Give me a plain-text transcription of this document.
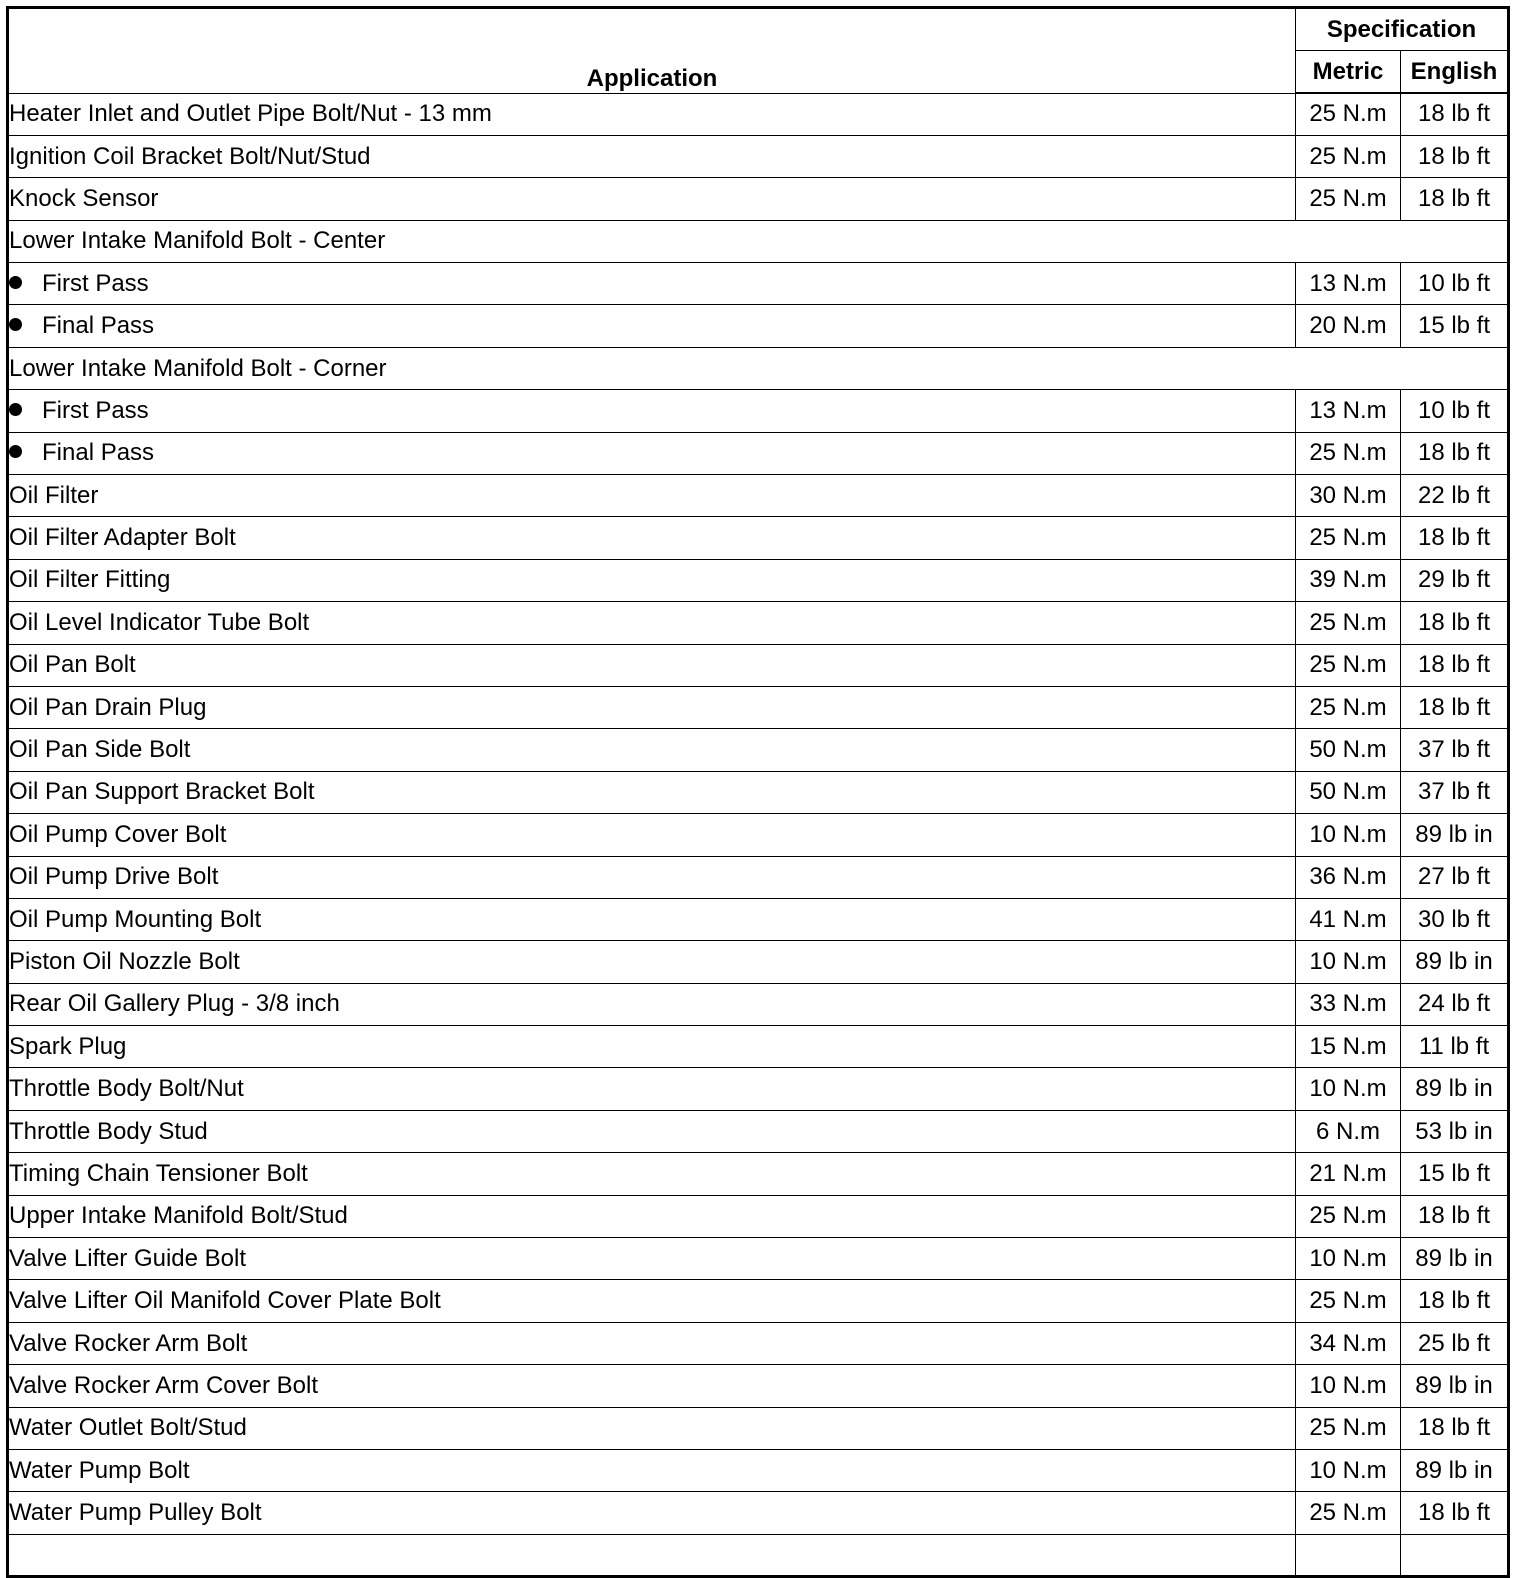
Application	Specification	
	Metric	English
Heater Inlet and Outlet Pipe Bolt/Nut - 13 mm	25 N.m	18 lb ft
Ignition Coil Bracket Bolt/Nut/Stud	25 N.m	18 lb ft
Knock Sensor	25 N.m	18 lb ft
Lower Intake Manifold Bolt - Center		
First Pass	13 N.m	10 lb ft
Final Pass	20 N.m	15 lb ft
Lower Intake Manifold Bolt - Corner		
First Pass	13 N.m	10 lb ft
Final Pass	25 N.m	18 lb ft
Oil Filter	30 N.m	22 lb ft
Oil Filter Adapter Bolt	25 N.m	18 lb ft
Oil Filter Fitting	39 N.m	29 lb ft
Oil Level Indicator Tube Bolt	25 N.m	18 lb ft
Oil Pan Bolt	25 N.m	18 lb ft
Oil Pan Drain Plug	25 N.m	18 lb ft
Oil Pan Side Bolt	50 N.m	37 lb ft
Oil Pan Support Bracket Bolt	50 N.m	37 lb ft
Oil Pump Cover Bolt	10 N.m	89 lb in
Oil Pump Drive Bolt	36 N.m	27 lb ft
Oil Pump Mounting Bolt	41 N.m	30 lb ft
Piston Oil Nozzle Bolt	10 N.m	89 lb in
Rear Oil Gallery Plug - 3/8 inch	33 N.m	24 lb ft
Spark Plug	15 N.m	11 lb ft
Throttle Body Bolt/Nut	10 N.m	89 lb in
Throttle Body Stud	6 N.m	53 lb in
Timing Chain Tensioner Bolt	21 N.m	15 lb ft
Upper Intake Manifold Bolt/Stud	25 N.m	18 lb ft
Valve Lifter Guide Bolt	10 N.m	89 lb in
Valve Lifter Oil Manifold Cover Plate Bolt	25 N.m	18 lb ft
Valve Rocker Arm Bolt	34 N.m	25 lb ft
Valve Rocker Arm Cover Bolt	10 N.m	89 lb in
Water Outlet Bolt/Stud	25 N.m	18 lb ft
Water Pump Bolt	10 N.m	89 lb in
Water Pump Pulley Bolt	25 N.m	18 lb ft
